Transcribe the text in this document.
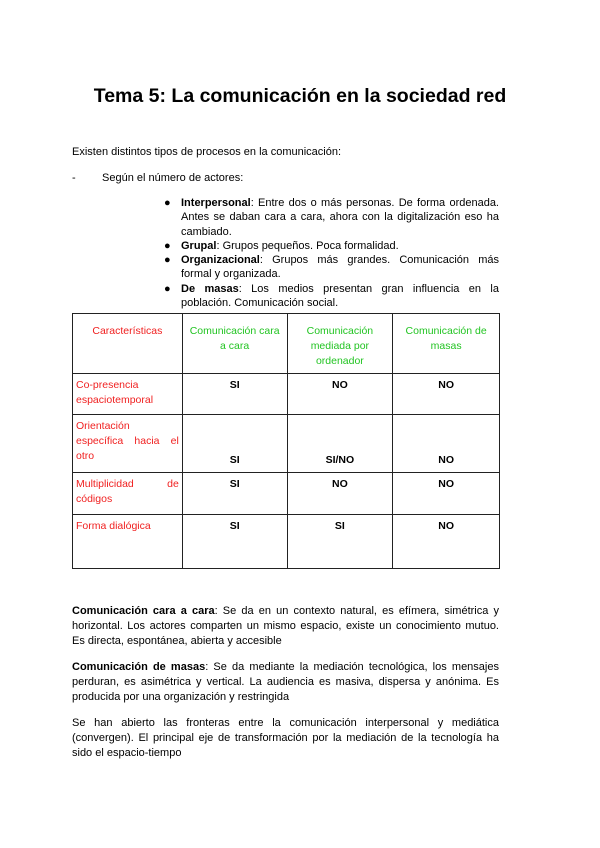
Tema 5: La comunicación en la sociedad red
Existen distintos tipos de procesos en la comunicación:
- Según el número de actores:
● Interpersonal: Entre dos o más personas. De forma ordenada. Antes se daban cara a cara, ahora con la digitalización eso ha cambiado.
● Grupal: Grupos pequeños. Poca formalidad.
● Organizacional: Grupos más grandes. Comunicación más formal y organizada.
● De masas: Los medios presentan gran influencia en la población. Comunicación social.
Características	Comunicación cara a cara	Comunicación mediada por ordenador	Comunicación de masas
Co-presencia espaciotemporal	SI	NO	NO
Orientación específica hacia el otro	SI	SI/NO	NO
Multiplicidad de códigos	SI	NO	NO
Forma dialógica	SI	SI	NO
Comunicación cara a cara: Se da en un contexto natural, es efímera, simétrica y horizontal. Los actores comparten un mismo espacio, existe un conocimiento mutuo. Es directa, espontánea, abierta y accesible
Comunicación de masas: Se da mediante la mediación tecnológica, los mensajes perduran, es asimétrica y vertical. La audiencia es masiva, dispersa y anónima. Es producida por una organización y restringida
Se han abierto las fronteras entre la comunicación interpersonal y mediática (convergen). El principal eje de transformación por la mediación de la tecnología ha sido el espacio-tiempo
